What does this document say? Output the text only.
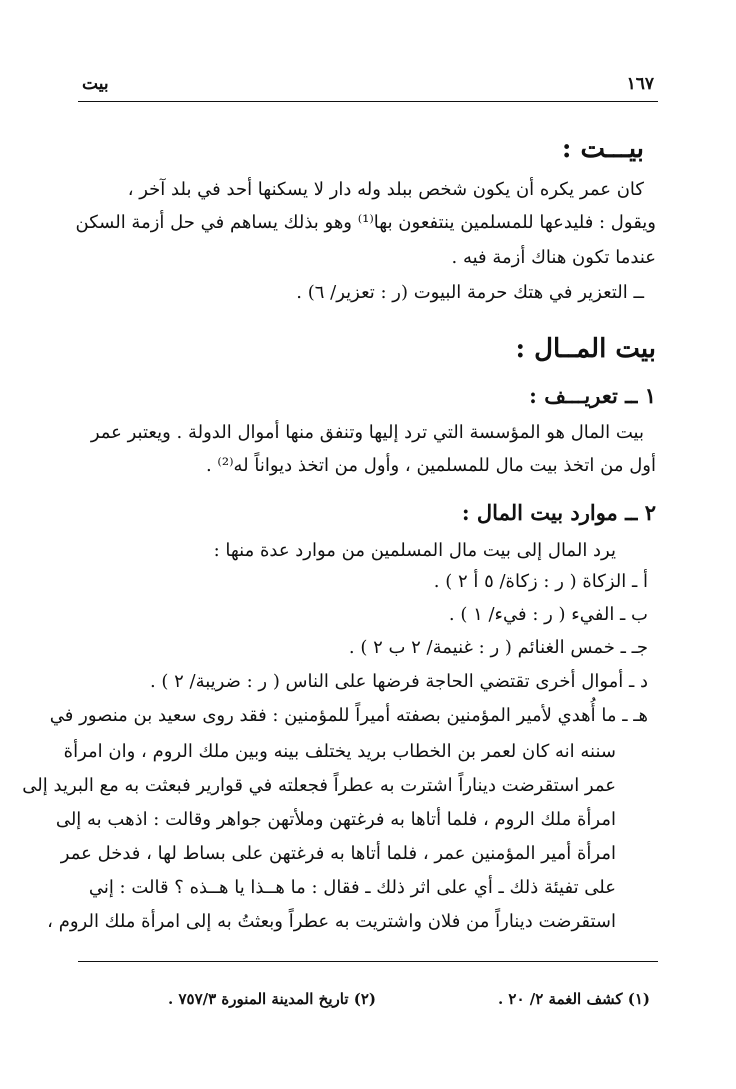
١٦٧
بيت
بيـــت :
كان عمر يكره أن يكون شخص ببلد وله دار لا يسكنها أحد في بلد آخر ،
ويقول : فليدعها للمسلمين ينتفعون بها⁽¹⁾ وهو بذلك يساهم في حل أزمة السكن
عندما تكون هناك أزمة فيه .
ــ التعزير في هتك حرمة البيوت (ر : تعزير/ ٦) .
بيت المــال :
١ ــ تعريـــف :
بيت المال هو المؤسسة التي ترد إليها وتنفق منها أموال الدولة . ويعتبر عمر
أول من اتخذ بيت مال للمسلمين ، وأول من اتخذ ديواناً له⁽²⁾ .
٢ ــ موارد بيت المال :
يرد المال إلى بيت مال المسلمين من موارد عدة منها :
أ ـ الزكاة ( ر : زكاة/ ٥ أ ٢ ) .
ب ـ الفيء ( ر : فيء/ ١ ) .
جـ ـ خمس الغنائم ( ر : غنيمة/ ٢ ب ٢ ) .
د ـ أموال أخرى تقتضي الحاجة فرضها على الناس ( ر : ضريبة/ ٢ ) .
هـ ـ ما أُهدي لأمير المؤمنين بصفته أميراً للمؤمنين : فقد روى سعيد بن منصور في
سننه انه كان لعمر بن الخطاب بريد يختلف بينه وبين ملك الروم ، وان امرأة
عمر استقرضت ديناراً اشترت به عطراً فجعلته في قوارير فبعثت به مع البريد إلى
امرأة ملك الروم ، فلما أتاها به فرغتهن وملأتهن جواهر وقالت : اذهب به إلى
امرأة أمير المؤمنين عمر ، فلما أتاها به فرغتهن على بساط لها ، فدخل عمر
على تفيئة ذلك ـ أي على اثر ذلك ـ فقال : ما هــذا يا هــذه ؟ قالت : إني
استقرضت ديناراً من فلان واشتريت به عطراً وبعثتُ به إلى امرأة ملك الروم ،
(١) كشف الغمة ٢/ ٢٠ .
(٢) تاريخ المدينة المنورة ٧٥٧/٣ .
